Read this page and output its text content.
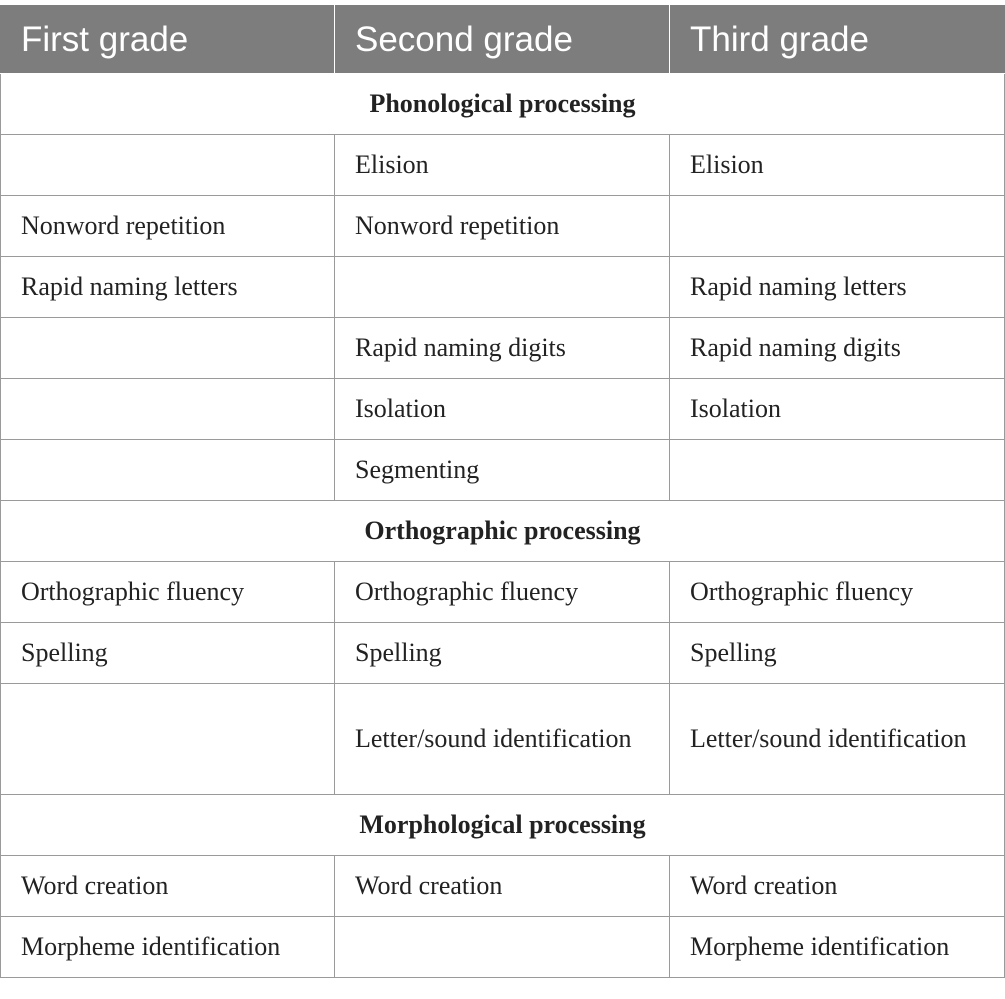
First grade	Second grade	Third grade
Phonological processing		
	Elision	Elision
Nonword repetition	Nonword repetition	
Rapid naming letters		Rapid naming letters
	Rapid naming digits	Rapid naming digits
	Isolation	Isolation
	Segmenting	
Orthographic processing		
Orthographic fluency	Orthographic fluency	Orthographic fluency
Spelling	Spelling	Spelling
	Letter/sound identification	Letter/sound identification
Morphological processing		
Word creation	Word creation	Word creation
Morpheme identification		Morpheme identification
